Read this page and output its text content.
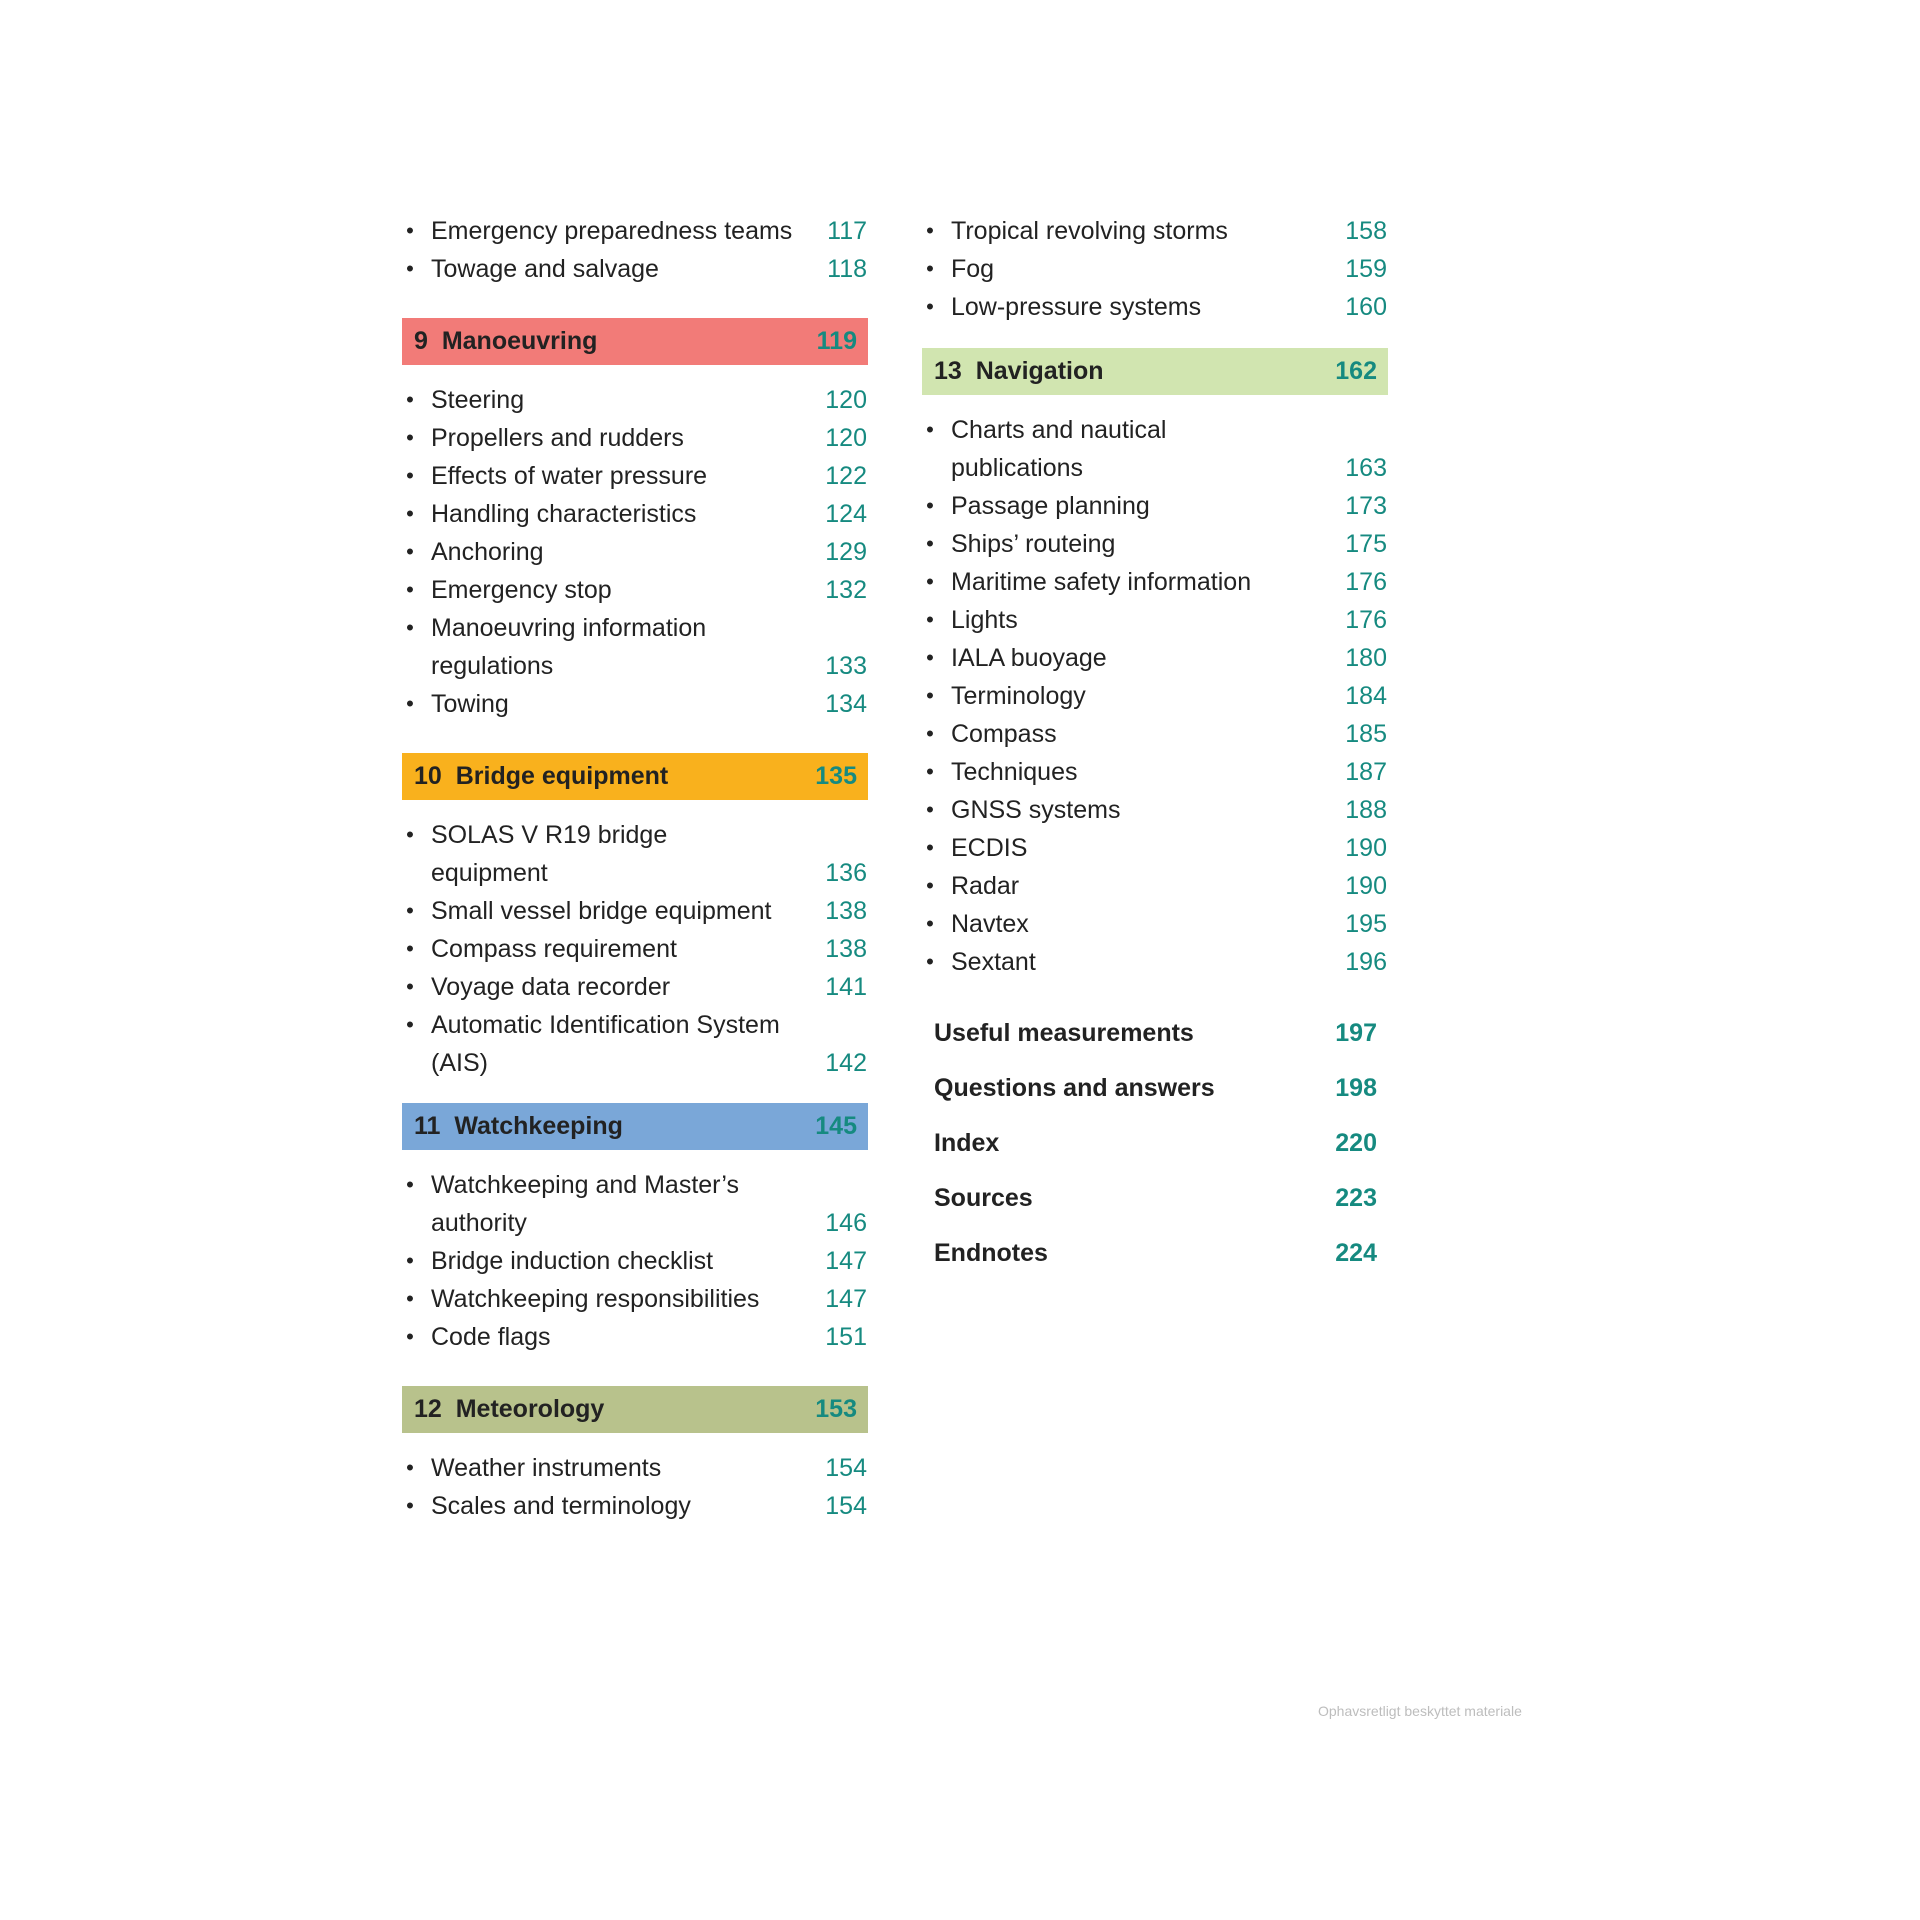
• Emergency preparedness teams	117
• Towage and salvage	118
9 Manoeuvring	119
• Steering	120
• Propellers and rudders	120
• Effects of water pressure	122
• Handling characteristics	124
• Anchoring	129
• Emergency stop	132
• Manoeuvring information
regulations	133
• Towing	134
10 Bridge equipment	135
• SOLAS V R19 bridge
equipment	136
• Small vessel bridge equipment	138
• Compass requirement	138
• Voyage data recorder	141
• Automatic Identification System
(AIS)	142
11 Watchkeeping	145
• Watchkeeping and Master’s
authority	146
• Bridge induction checklist	147
• Watchkeeping responsibilities	147
• Code flags	151
12 Meteorology	153
• Weather instruments	154
• Scales and terminology	154
• Tropical revolving storms	158
• Fog	159
• Low-pressure systems	160
13 Navigation	162
• Charts and nautical
publications	163
• Passage planning	173
• Ships’ routeing	175
• Maritime safety information	176
• Lights	176
• IALA buoyage	180
• Terminology	184
• Compass	185
• Techniques	187
• GNSS systems	188
• ECDIS	190
• Radar	190
• Navtex	195
• Sextant	196
Useful measurements	197
Questions and answers	198
Index	220
Sources	223
Endnotes	224
Ophavsretligt beskyttet materiale
